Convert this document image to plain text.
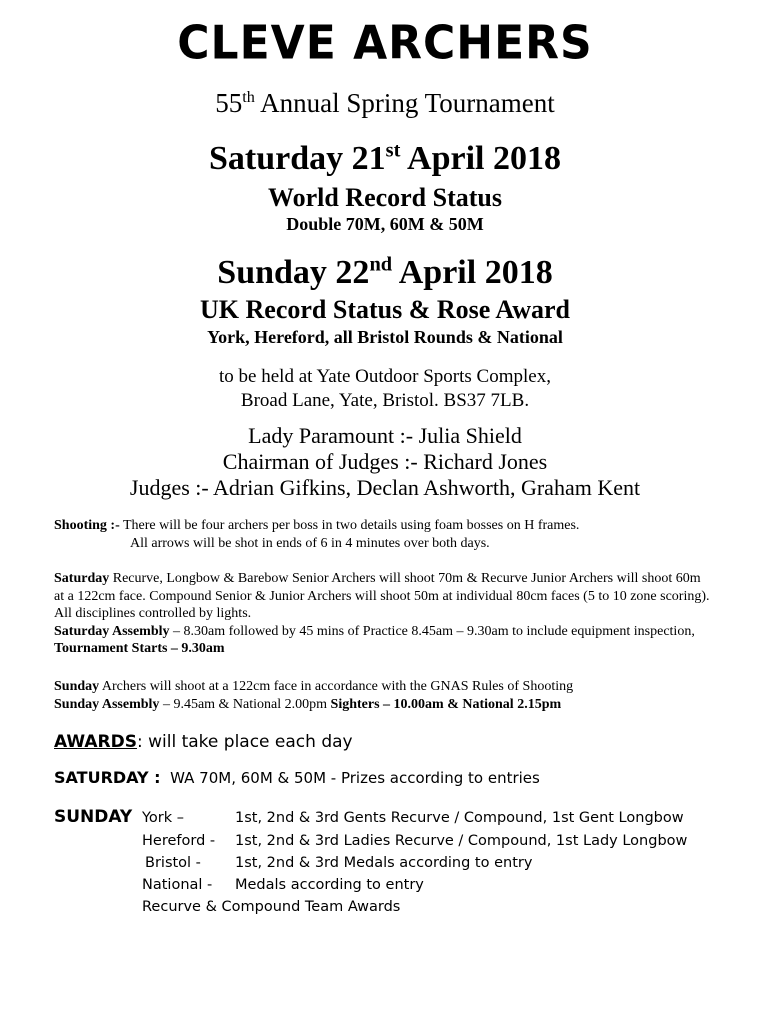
CLEVE ARCHERS
55th Annual Spring Tournament
Saturday 21st April 2018
World Record Status
Double 70M, 60M & 50M
Sunday 22nd April 2018
UK Record Status & Rose Award
York, Hereford, all Bristol Rounds & National
to be held at Yate Outdoor Sports Complex,
Broad Lane, Yate, Bristol. BS37 7LB.
Lady Paramount :- Julia Shield
Chairman of Judges :- Richard Jones
Judges :- Adrian Gifkins, Declan Ashworth, Graham Kent
Shooting :- There will be four archers per boss in two details using foam bosses on H frames.
All arrows will be shot in ends of 6 in 4 minutes over both days.
Saturday Recurve, Longbow & Barebow Senior Archers will shoot 70m & Recurve Junior Archers will shoot 60m at a 122cm face. Compound Senior & Junior Archers will shoot 50m at individual 80cm faces (5 to 10 zone scoring). All disciplines controlled by lights.
Saturday Assembly – 8.30am followed by 45 mins of Practice 8.45am – 9.30am to include equipment inspection, Tournament Starts – 9.30am
Sunday Archers will shoot at a 122cm face in accordance with the GNAS Rules of Shooting
Sunday Assembly – 9.45am & National 2.00pm Sighters – 10.00am & National 2.15pm
AWARDS: will take place each day
SATURDAY : WA 70M, 60M & 50M - Prizes according to entries
SUNDAY York –	1st, 2nd & 3rd Gents Recurve / Compound, 1st Gent Longbow
Hereford - 1st, 2nd & 3rd Ladies Recurve / Compound, 1st Lady Longbow
Bristol - 1st, 2nd & 3rd Medals according to entry
National - Medals according to entry
Recurve & Compound Team Awards
